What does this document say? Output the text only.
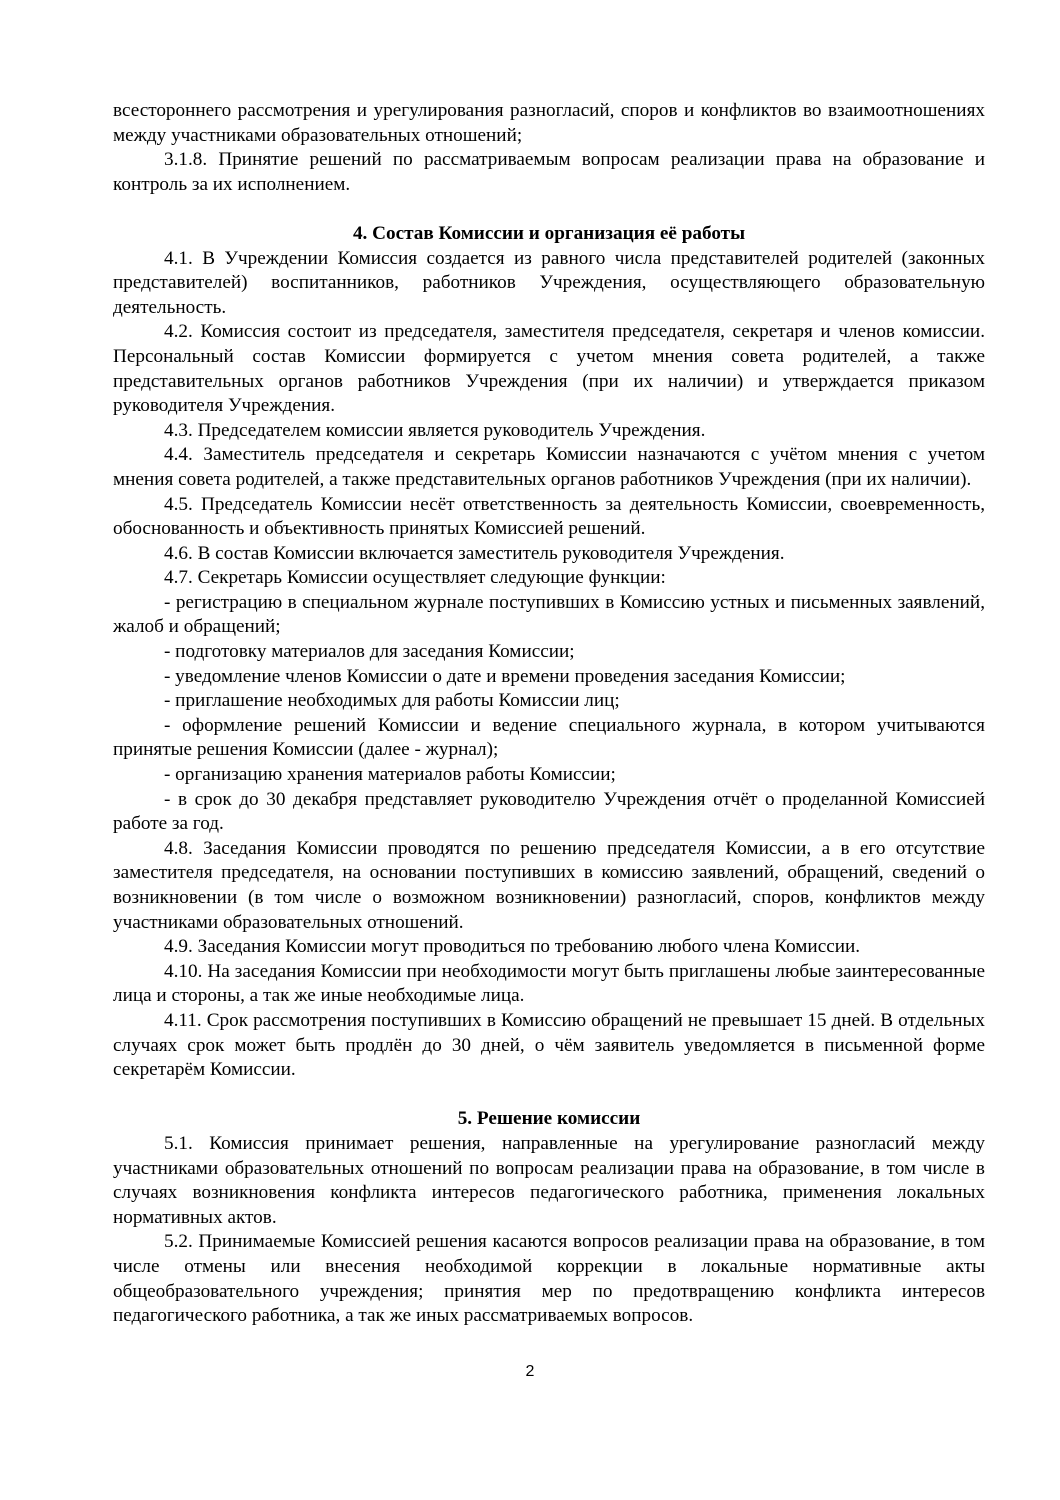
всестороннего рассмотрения и урегулирования разногласий, споров и конфликтов во взаимоотношениях между участниками образовательных отношений;

3.1.8. Принятие решений по рассматриваемым вопросам реализации права на образование и контроль за их исполнением.

4. Состав Комиссии и организация её работы

4.1. В Учреждении Комиссия создается из равного числа представителей родителей (законных представителей) воспитанников, работников Учреждения, осуществляющего образовательную деятельность.

4.2. Комиссия состоит из председателя, заместителя председателя, секретаря и членов комиссии. Персональный состав Комиссии формируется с учетом мнения совета родителей, а также представительных органов работников Учреждения (при их наличии) и утверждается приказом руководителя Учреждения.

4.3. Председателем комиссии является руководитель Учреждения.

4.4. Заместитель председателя и секретарь Комиссии назначаются с учётом мнения с учетом мнения совета родителей, а также представительных органов работников Учреждения (при их наличии).

4.5. Председатель Комиссии несёт ответственность за деятельность Комиссии, своевременность, обоснованность и объективность принятых Комиссией решений.

4.6. В состав Комиссии включается заместитель руководителя Учреждения.

4.7. Секретарь Комиссии осуществляет следующие функции:

- регистрацию в специальном журнале поступивших в Комиссию устных и письменных заявлений, жалоб и обращений;

- подготовку материалов для заседания Комиссии;

- уведомление членов Комиссии о дате и времени проведения заседания Комиссии;

- приглашение необходимых для работы Комиссии лиц;

- оформление решений Комиссии и ведение специального журнала, в котором учитываются принятые решения Комиссии (далее - журнал);

- организацию хранения материалов работы Комиссии;

- в срок до 30 декабря представляет руководителю Учреждения отчёт о проделанной Комиссией работе за год.

4.8. Заседания Комиссии проводятся по решению председателя Комиссии, а в его отсутствие заместителя председателя, на основании поступивших в комиссию заявлений, обращений, сведений о возникновении (в том числе о возможном возникновении) разногласий, споров, конфликтов между участниками образовательных отношений.

4.9. Заседания Комиссии могут проводиться по требованию любого члена Комиссии.

4.10. На заседания Комиссии при необходимости могут быть приглашены любые заинтересованные лица и стороны, а так же иные необходимые лица.

4.11. Срок рассмотрения поступивших в Комиссию обращений не превышает 15 дней. В отдельных случаях срок может быть продлён до 30 дней, о чём заявитель уведомляется в письменной форме секретарём Комиссии.

5. Решение комиссии

5.1. Комиссия принимает решения, направленные на урегулирование разногласий между участниками образовательных отношений по вопросам реализации права на образование, в том числе в случаях возникновения конфликта интересов педагогического работника, применения локальных нормативных актов.

5.2. Принимаемые Комиссией решения касаются вопросов реализации права на образование, в том числе отмены или внесения необходимой коррекции в локальные нормативные акты общеобразовательного учреждения; принятия мер по предотвращению конфликта интересов педагогического работника, а так же иных рассматриваемых вопросов.

2
